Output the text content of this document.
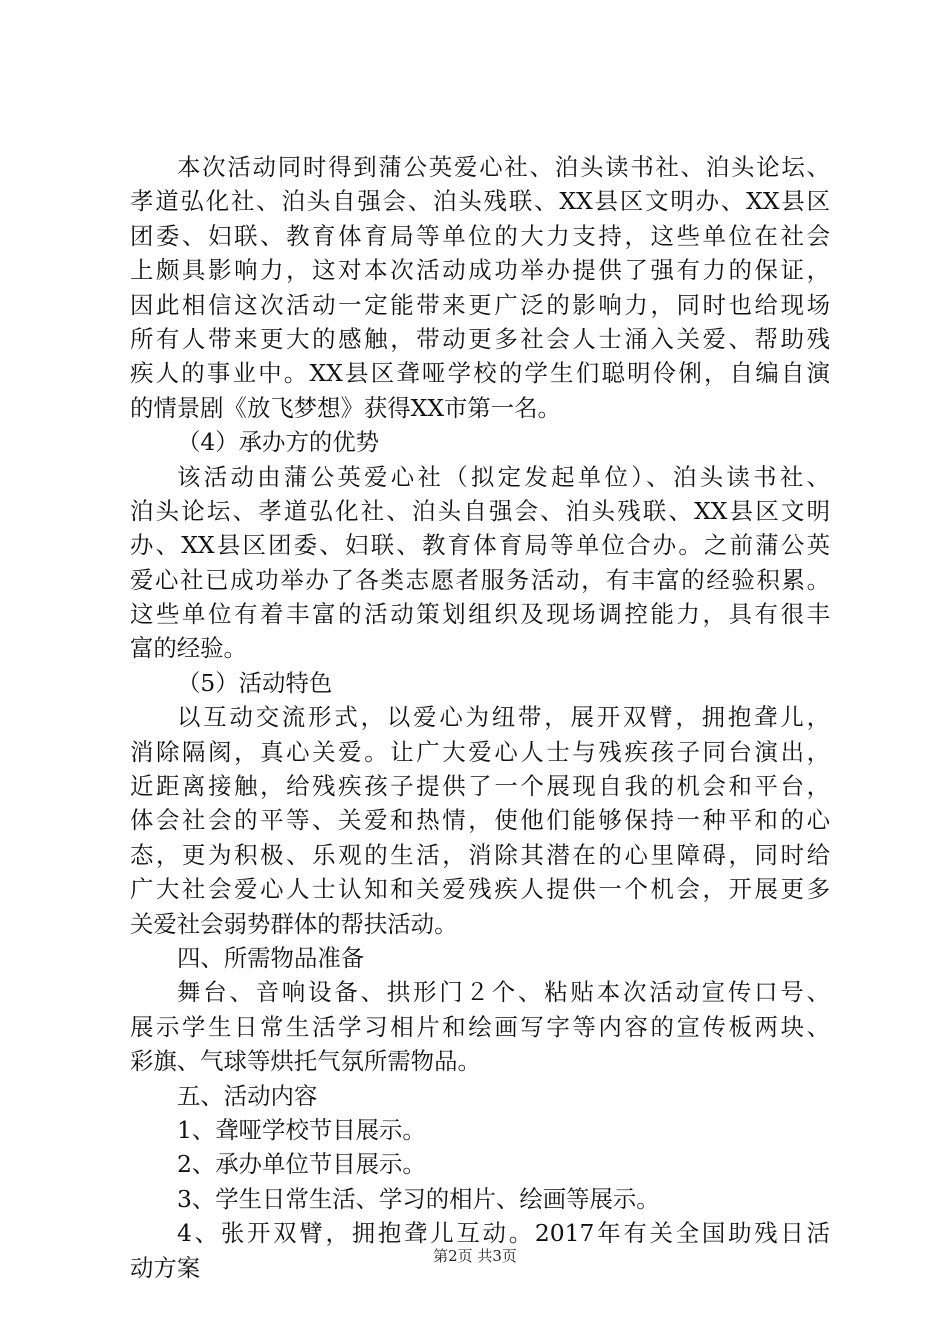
本次活动同时得到蒲公英爱心社、泊头读书社、泊头论坛、
孝道弘化社、泊头自强会、泊头残联、XX县区文明办、XX县区
团委、妇联、教育体育局等单位的大力支持，这些单位在社会
上颇具影响力，这对本次活动成功举办提供了强有力的保证，
因此相信这次活动一定能带来更广泛的影响力，同时也给现场
所有人带来更大的感触，带动更多社会人士涌入关爱、帮助残
疾人的事业中。XX县区聋哑学校的学生们聪明伶俐，自编自演
的情景剧《放飞梦想》获得XX市第一名。
（4）承办方的优势
该活动由蒲公英爱心社（拟定发起单位）、泊头读书社、
泊头论坛、孝道弘化社、泊头自强会、泊头残联、XX县区文明
办、XX县区团委、妇联、教育体育局等单位合办。之前蒲公英
爱心社已成功举办了各类志愿者服务活动，有丰富的经验积累。
这些单位有着丰富的活动策划组织及现场调控能力，具有很丰
富的经验。
（5）活动特色
以互动交流形式，以爱心为纽带，展开双臂，拥抱聋儿，
消除隔阂，真心关爱。让广大爱心人士与残疾孩子同台演出，
近距离接触，给残疾孩子提供了一个展现自我的机会和平台，
体会社会的平等、关爱和热情，使他们能够保持一种平和的心
态，更为积极、乐观的生活，消除其潜在的心里障碍，同时给
广大社会爱心人士认知和关爱残疾人提供一个机会，开展更多
关爱社会弱势群体的帮扶活动。
四、所需物品准备
舞台、音响设备、拱形门２个、粘贴本次活动宣传口号、
展示学生日常生活学习相片和绘画写字等内容的宣传板两块、
彩旗、气球等烘托气氛所需物品。
五、活动内容
1、聋哑学校节目展示。
2、承办单位节目展示。
3、学生日常生活、学习的相片、绘画等展示。
4、张开双臂，拥抱聋儿互动。2017年有关全国助残日活
动方案	第2页 共3页
